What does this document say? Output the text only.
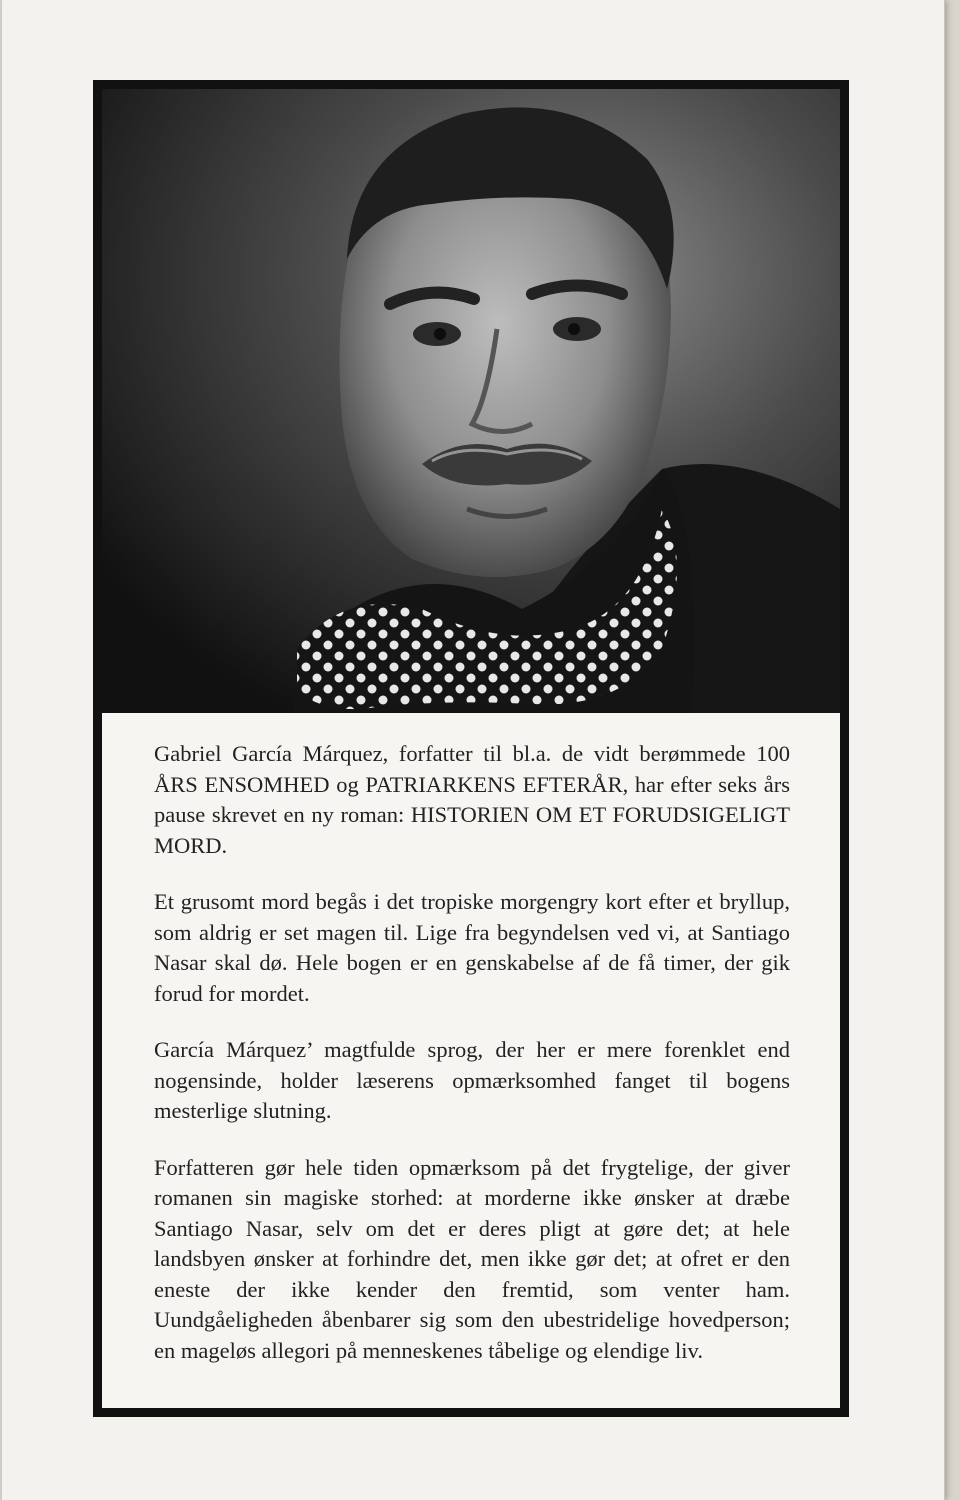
Gabriel García Márquez, forfatter til bl.a. de vidt berømmede 100 ÅRS ENSOMHED og PATRIARKENS EFTERÅR, har efter seks års pause skrevet en ny roman: HISTORIEN OM ET FORUDSIGELIGT MORD.

Et grusomt mord begås i det tropiske morgengry kort efter et bryllup, som aldrig er set magen til. Lige fra begyndelsen ved vi, at Santiago Nasar skal dø. Hele bogen er en genskabelse af de få timer, der gik forud for mordet.

García Márquez’ magtfulde sprog, der her er mere forenklet end nogensinde, holder læserens opmærksomhed fanget til bogens mesterlige slutning.

Forfatteren gør hele tiden opmærksom på det frygtelige, der giver romanen sin magiske storhed: at morderne ikke ønsker at dræbe Santiago Nasar, selv om det er deres pligt at gøre det; at hele landsbyen ønsker at forhindre det, men ikke gør det; at ofret er den eneste der ikke kender den fremtid, som venter ham. Uundgåeligheden åbenbarer sig som den ubestridelige hovedperson; en mageløs allegori på menneskenes tåbelige og elendige liv.
